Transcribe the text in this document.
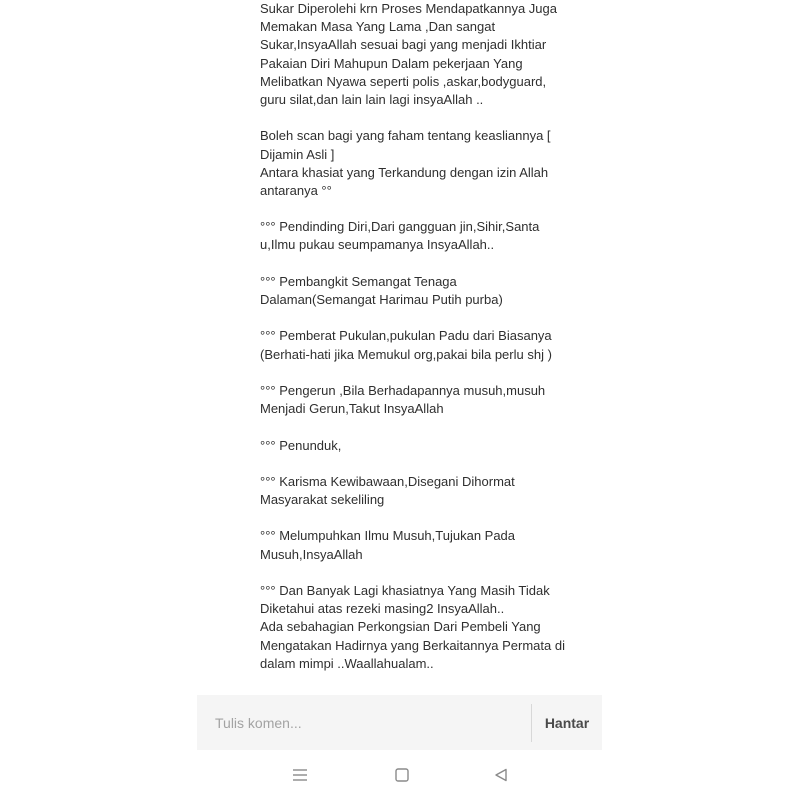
Sukar Diperolehi krn Proses Mendapatkannya Juga
Memakan Masa Yang Lama ,Dan sangat
Sukar,InsyaAllah sesuai bagi yang menjadi Ikhtiar
Pakaian Diri Mahupun Dalam pekerjaan Yang
Melibatkan Nyawa seperti polis ,askar,bodyguard,
guru silat,dan lain lain lagi insyaAllah ..
Boleh scan bagi yang faham tentang keasliannya [
Dijamin Asli ]
Antara khasiat yang Terkandung dengan izin Allah
antaranya °°
°°° Pendinding Diri,Dari gangguan jin,Sihir,Santa
u,Ilmu pukau seumpamanya InsyaAllah..
°°° Pembangkit Semangat Tenaga
Dalaman(Semangat Harimau Putih purba)
°°° Pemberat Pukulan,pukulan Padu dari Biasanya
(Berhati-hati jika Memukul org,pakai bila perlu shj )
°°° Pengerun ,Bila Berhadapannya musuh,musuh
Menjadi Gerun,Takut InsyaAllah
°°° Penunduk,
°°° Karisma Kewibawaan,Disegani Dihormat
Masyarakat sekeliling
°°° Melumpuhkan Ilmu Musuh,Tujukan Pada
Musuh,InsyaAllah
°°° Dan Banyak Lagi khasiatnya Yang Masih Tidak
Diketahui atas rezeki masing2 InsyaAllah..
Ada sebahagian Perkongsian Dari Pembeli Yang
Mengatakan Hadirnya yang Berkaitannya Permata di
dalam mimpi ..Waallahualam..
Tulis komen...
Hantar
